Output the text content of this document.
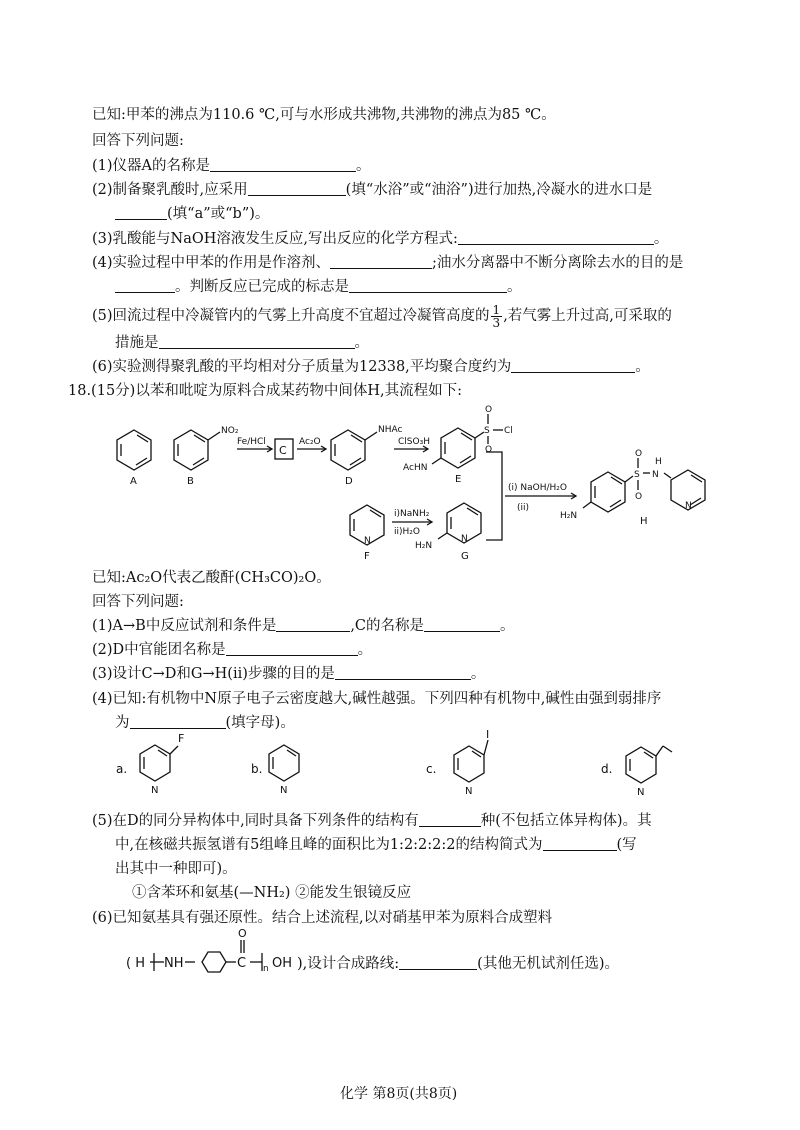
已知:甲苯的沸点为110.6 ℃,可与水形成共沸物,共沸物的沸点为85 ℃。
回答下列问题:
(1)仪器A的名称是	。
(2)制备聚乳酸时,应采用	(填“水浴”或“油浴”)进行加热,冷凝水的进水口是
(填“a”或“b”)。
(3)乳酸能与NaOH溶液发生反应,写出反应的化学方程式:	。
(4)实验过程中甲苯的作用是作溶剂、	;油水分离器中不断分离除去水的目的是
。判断反应已完成的标志是	。
(5)回流过程中冷凝管内的气雾上升高度不宜超过冷凝管高度的 $\frac{1}{3}$ ,若气雾上升过高,可采取的
措施是	。
(6)实验测得聚乳酸的平均相对分子质量为12338,平均聚合度约为	。
18.(15分)以苯和吡啶为原料合成某药物中间体H,其流程如下:
A	B
NO₂
Fe/HCl
C
Ac₂O
NHAc
D
ClSO₃H
O
S Cl
O
AcHN
E
(i) NaOH/H₂O
(ii)
N
F
i)NaNH₂
ii)H₂O
N
H₂N
G
O
S
O
N
H
N
H₂N	H
a.
F
N
b.
N
c.
I
N
d.
N
( H NH
O
C n OH
已知:Ac₂O代表乙酸酐(CH₃CO)₂O。
回答下列问题:
(1)A→B中反应试剂和条件是	,C的名称是	。
(2)D中官能团名称是	。
(3)设计C→D和G→H(ii)步骤的目的是	。
(4)已知:有机物中N原子电子云密度越大,碱性越强。下列四种有机物中,碱性由强到弱排序
为	(填字母)。
(5)在D的同分异构体中,同时具备下列条件的结构有	种(不包括立体异构体)。其
中,在核磁共振氢谱有5组峰且峰的面积比为1:2:2:2:2的结构简式为	(写
出其中一种即可)。
①含苯环和氨基(—NH₂) ②能发生银镜反应
(6)已知氨基具有强还原性。结合上述流程,以对硝基甲苯为原料合成塑料
),设计合成路线:	(其他无机试剂任选)。
化学 第8页(共8页)
